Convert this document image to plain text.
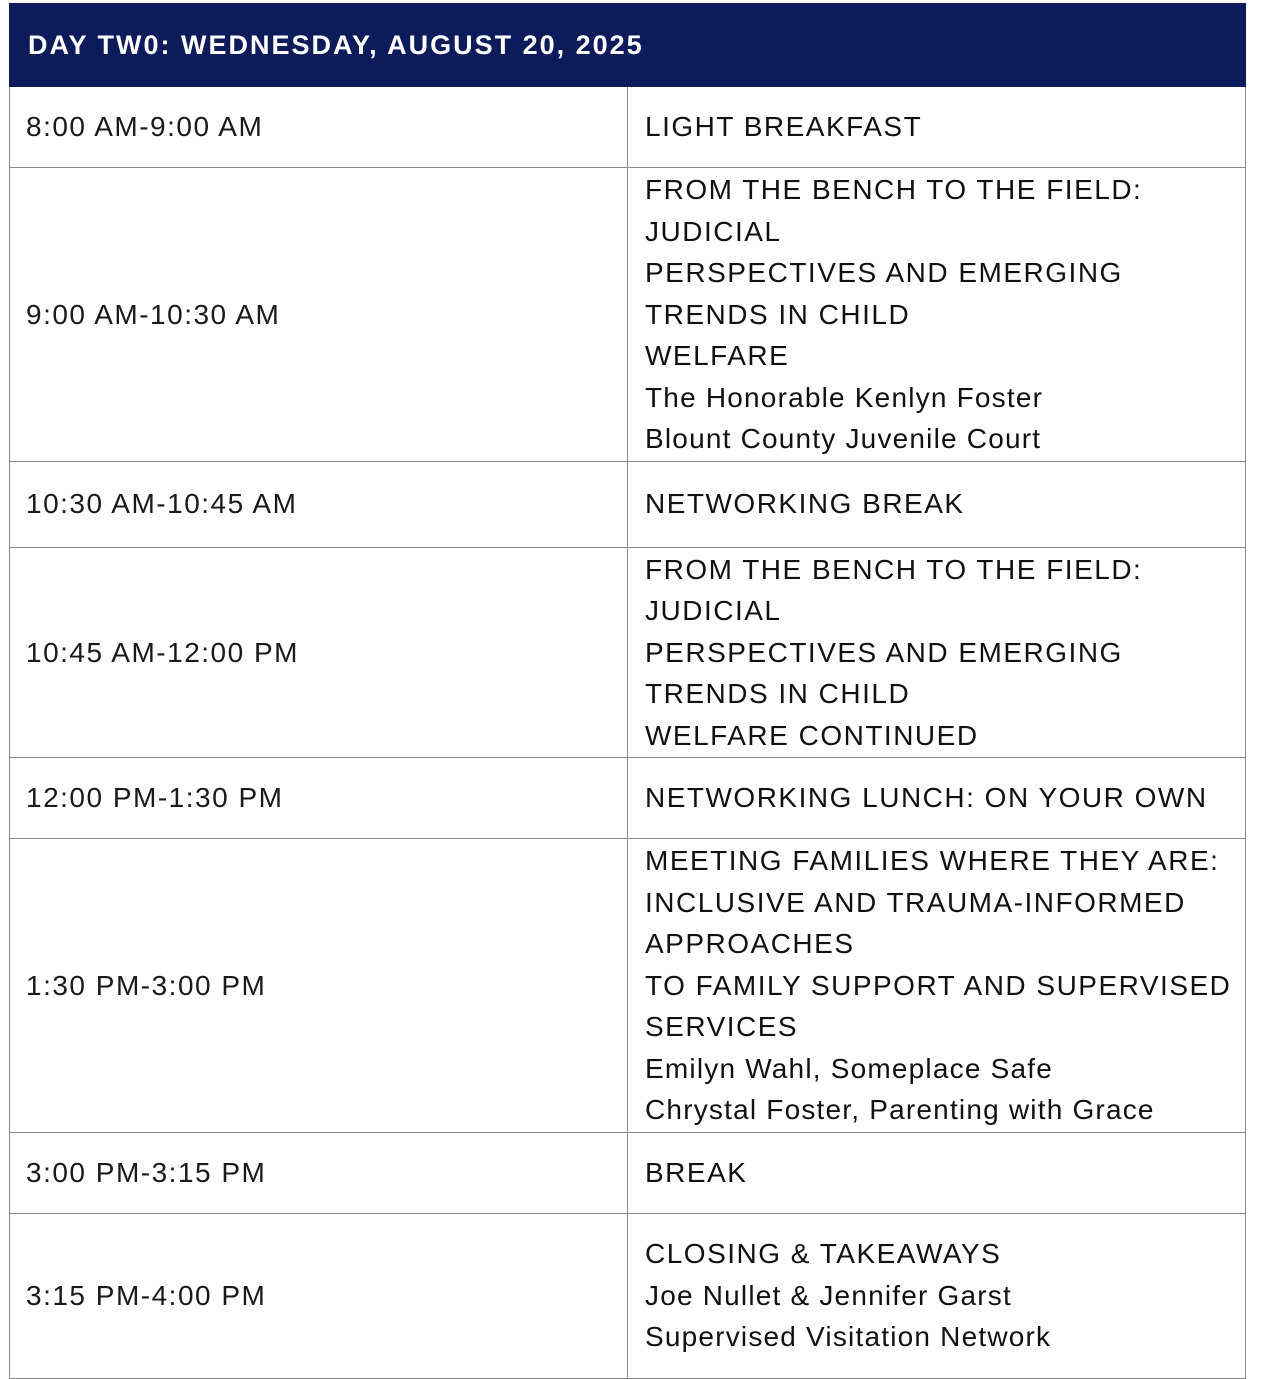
DAY TW0: WEDNESDAY, AUGUST 20, 2025	
8:00 AM-9:00 AM	LIGHT BREAKFAST

9:00 AM-10:30 AM	FROM THE BENCH TO THE FIELD: JUDICIAL
PERSPECTIVES AND EMERGING TRENDS IN CHILD
WELFARE
The Honorable Kenlyn Foster
Blount County Juvenile Court

10:30 AM-10:45 AM	NETWORKING BREAK

10:45 AM-12:00 PM	FROM THE BENCH TO THE FIELD: JUDICIAL
PERSPECTIVES AND EMERGING TRENDS IN CHILD
WELFARE CONTINUED

12:00 PM-1:30 PM	NETWORKING LUNCH: ON YOUR OWN

1:30 PM-3:00 PM	MEETING FAMILIES WHERE THEY ARE:
INCLUSIVE AND TRAUMA-INFORMED APPROACHES
TO FAMILY SUPPORT AND SUPERVISED SERVICES
Emilyn Wahl, Someplace Safe
Chrystal Foster, Parenting with Grace

3:00 PM-3:15 PM	BREAK

3:15 PM-4:00 PM	CLOSING & TAKEAWAYS
Joe Nullet & Jennifer Garst
Supervised Visitation Network
